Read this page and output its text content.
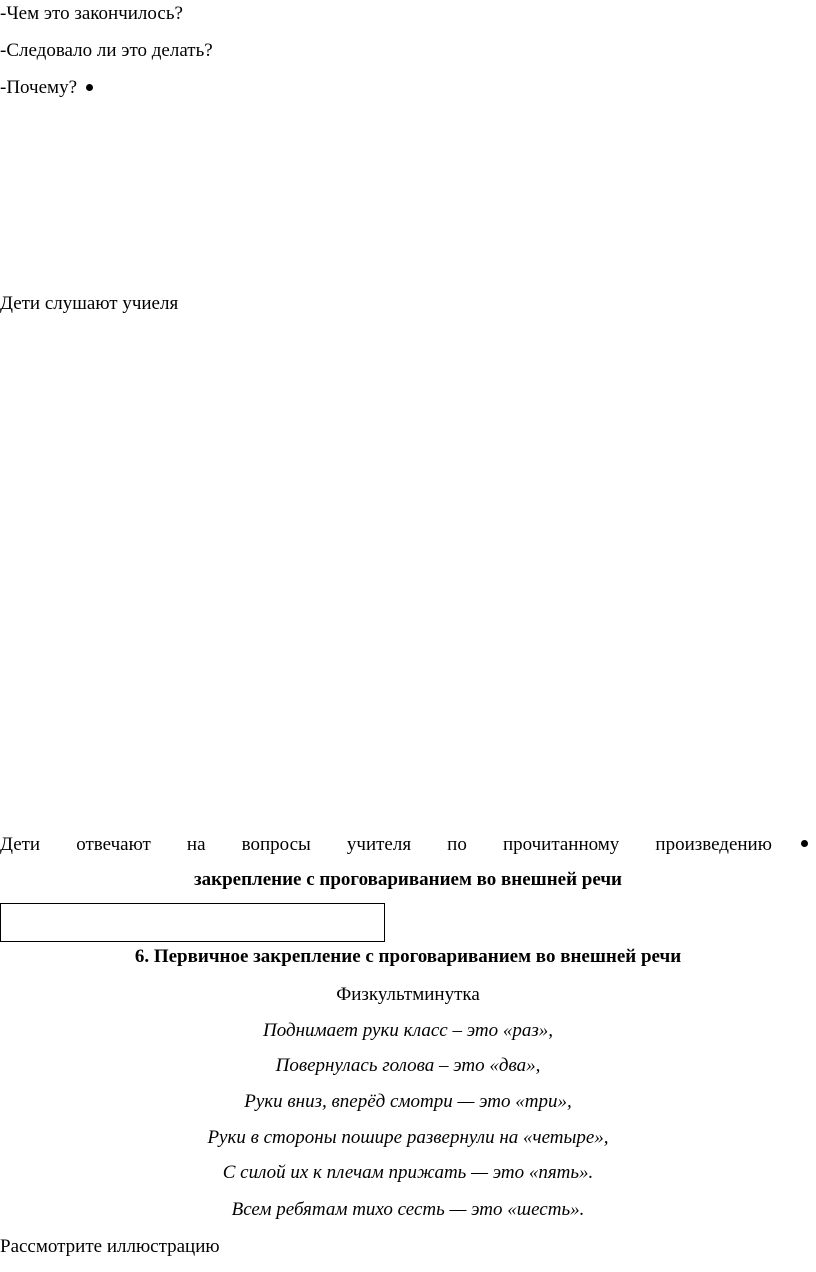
-Чем это закончилось?
-Следовало ли это делать?
-Почему?
Дети слушают учиеля
Дети отвечают на вопросы учителя по прочитанному произведению
закрепление с проговариванием во внешней речи
6. Первичное закрепление с проговариванием во внешней речи
Физкультминутка
Поднимает руки класс – это «раз»,
Повернулась голова – это «два»,
Руки вниз, вперёд смотри — это «три»,
Руки в стороны пошире развернули на «четыре»,
С силой их к плечам прижать — это «пять».
Всем ребятам тихо сесть — это «шесть».
Рассмотрите иллюстрацию
